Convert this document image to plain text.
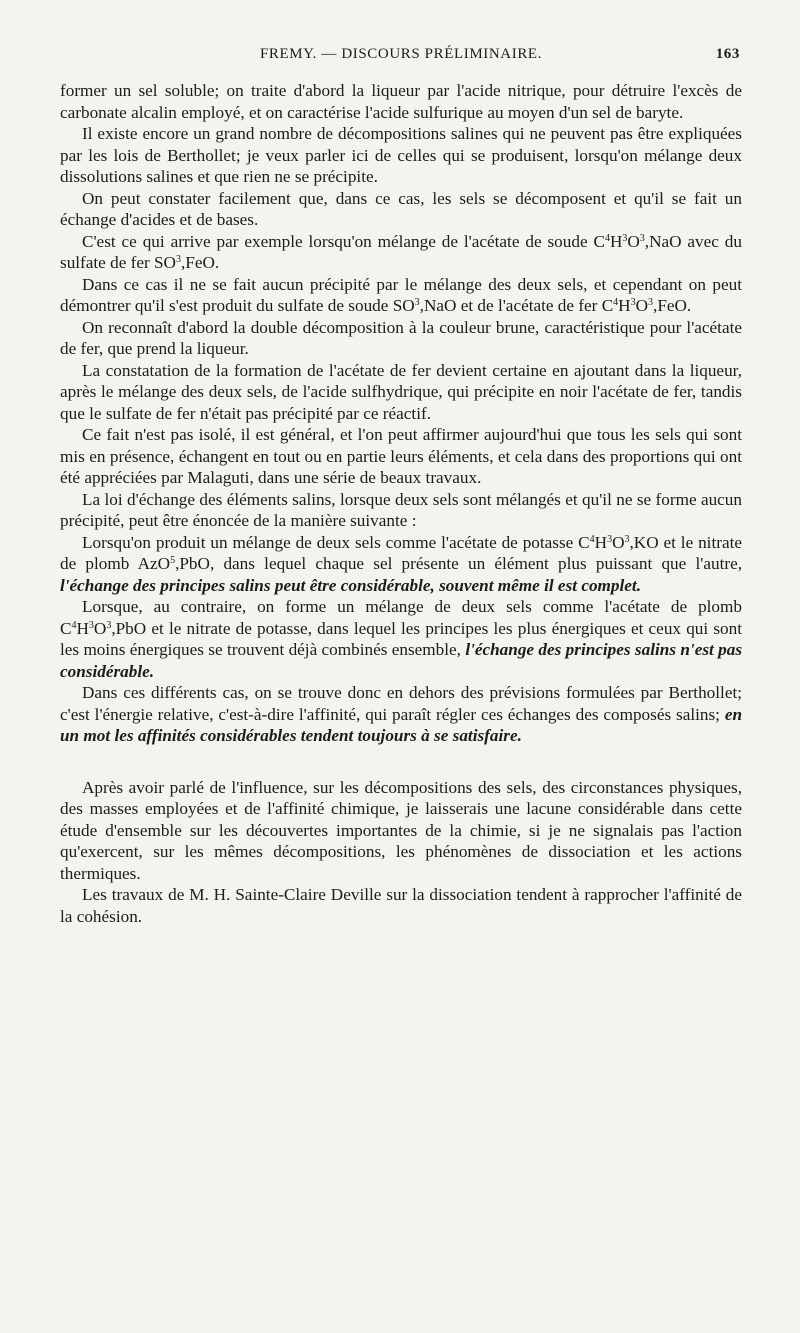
FREMY. — DISCOURS PRÉLIMINAIRE.	163

former un sel soluble; on traite d'abord la liqueur par l'acide nitrique, pour détruire l'excès de carbonate alcalin employé, et on caractérise l'acide sulfurique au moyen d'un sel de baryte.

Il existe encore un grand nombre de décompositions salines qui ne peuvent pas être expliquées par les lois de Berthollet; je veux parler ici de celles qui se produisent, lorsqu'on mélange deux dissolutions salines et que rien ne se précipite.

On peut constater facilement que, dans ce cas, les sels se décomposent et qu'il se fait un échange d'acides et de bases.

C'est ce qui arrive par exemple lorsqu'on mélange de l'acétate de soude $C^4H^3O^3,NaO$ avec du sulfate de fer $SO^3,FeO$.

Dans ce cas il ne se fait aucun précipité par le mélange des deux sels, et cependant on peut démontrer qu'il s'est produit du sulfate de soude $SO^3,NaO$ et de l'acétate de fer $C^4H^3O^3,FeO$.

On reconnaît d'abord la double décomposition à la couleur brune, caractéristique pour l'acétate de fer, que prend la liqueur.

La constatation de la formation de l'acétate de fer devient certaine en ajoutant dans la liqueur, après le mélange des deux sels, de l'acide sulfhydrique, qui précipite en noir l'acétate de fer, tandis que le sulfate de fer n'était pas précipité par ce réactif.

Ce fait n'est pas isolé, il est général, et l'on peut affirmer aujourd'hui que tous les sels qui sont mis en présence, échangent en tout ou en partie leurs éléments, et cela dans des proportions qui ont été appréciées par Malaguti, dans une série de beaux travaux.

La loi d'échange des éléments salins, lorsque deux sels sont mélangés et qu'il ne se forme aucun précipité, peut être énoncée de la manière suivante :

Lorsqu'on produit un mélange de deux sels comme l'acétate de potasse $C^4H^3O^3,KO$ et le nitrate de plomb AzO$^5$,PbO, dans lequel chaque sel présente un élément plus puissant que l'autre, l'échange des principes salins peut être considérable, souvent même il est complet.

Lorsque, au contraire, on forme un mélange de deux sels comme l'acétate de plomb $C^4H^3O^3,PbO$ et le nitrate de potasse, dans lequel les principes les plus énergiques et ceux qui sont les moins énergiques se trouvent déjà combinés ensemble, l'échange des principes salins n'est pas considérable.

Dans ces différents cas, on se trouve donc en dehors des prévisions formulées par Berthollet; c'est l'énergie relative, c'est-à-dire l'affinité, qui paraît régler ces échanges des composés salins; en un mot les affinités considérables tendent toujours à se satisfaire.

Après avoir parlé de l'influence, sur les décompositions des sels, des circonstances physiques, des masses employées et de l'affinité chimique, je laisserais une lacune considérable dans cette étude d'ensemble sur les découvertes importantes de la chimie, si je ne signalais pas l'action qu'exercent, sur les mêmes décompositions, les phénomènes de dissociation et les actions thermiques.

Les travaux de M. H. Sainte-Claire Deville sur la dissociation tendent à rapprocher l'affinité de la cohésion.
